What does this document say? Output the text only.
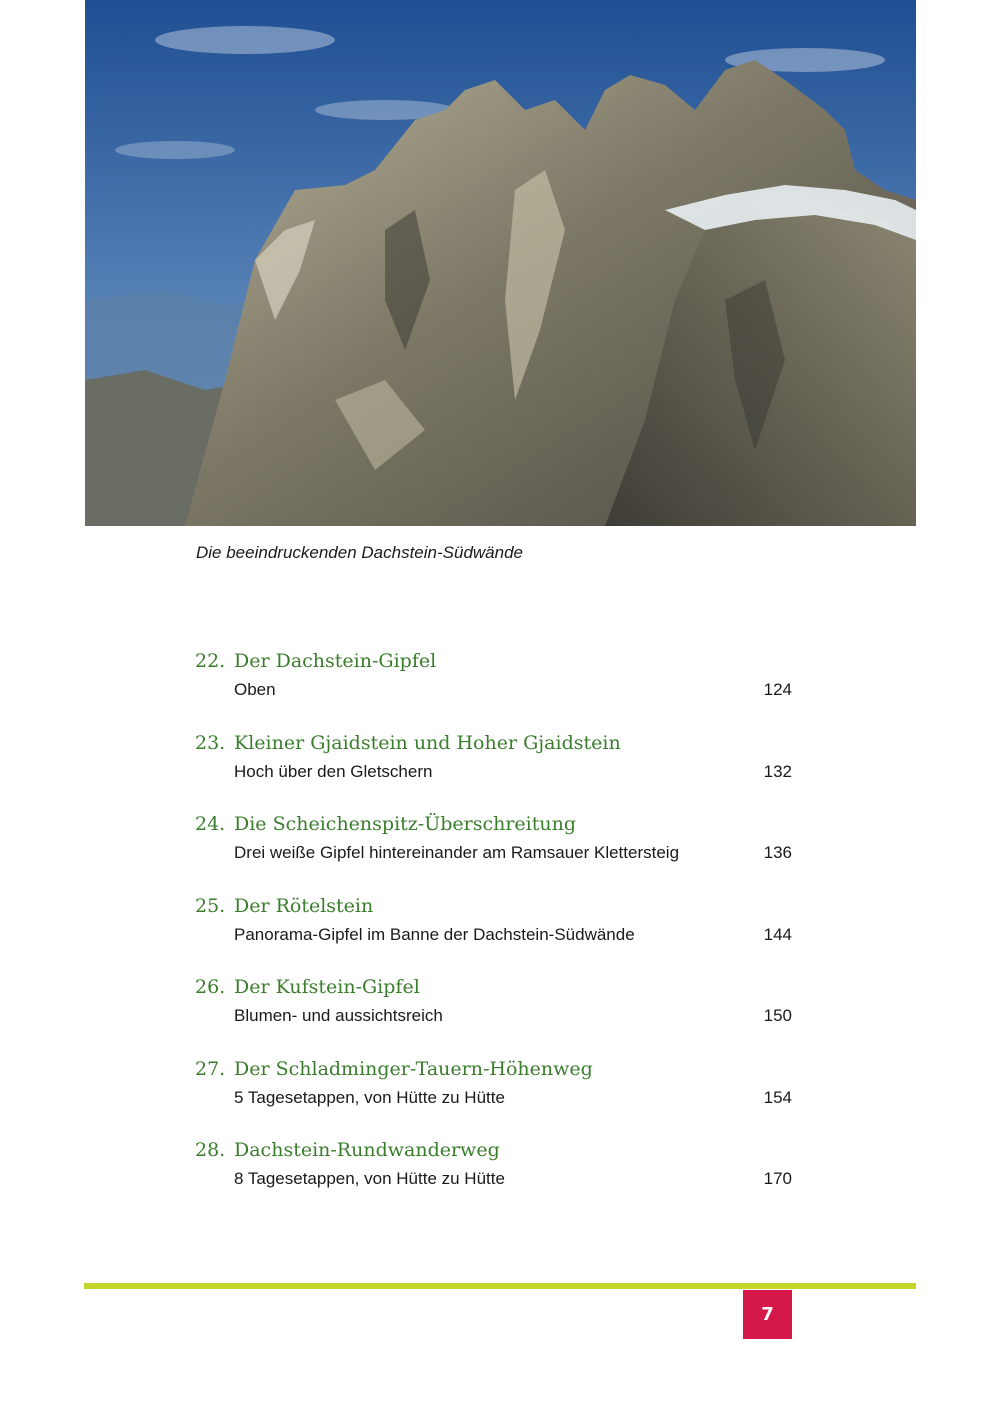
Die beeindruckenden Dachstein-Südwände
22. Der Dachstein-Gipfel
Oben	124
23. Kleiner Gjaidstein und Hoher Gjaidstein
Hoch über den Gletschern	132
24. Die Scheichenspitz-Überschreitung
Drei weiße Gipfel hintereinander am Ramsauer Klettersteig	136
25. Der Rötelstein
Panorama-Gipfel im Banne der Dachstein-Südwände	144
26. Der Kufstein-Gipfel
Blumen- und aussichtsreich	150
27. Der Schladminger-Tauern-Höhenweg
5 Tagesetappen, von Hütte zu Hütte	154
28. Dachstein-Rundwanderweg
8 Tagesetappen, von Hütte zu Hütte	170
7
